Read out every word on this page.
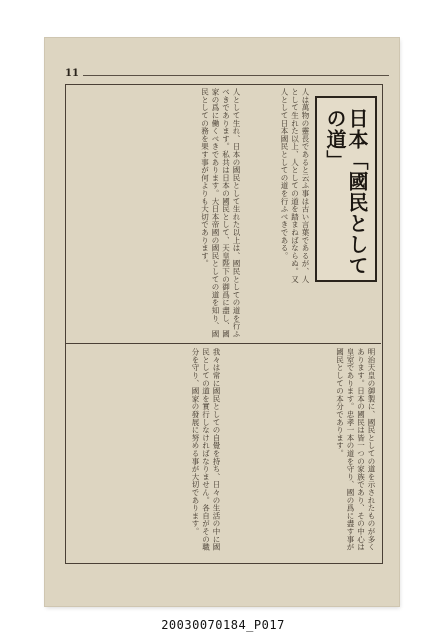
11
日本「國民としての道」
人は萬物の靈長であると云ふ事は古い言葉であるが、人として生れた以上、人としての道を踏まねばならぬ。又人として日本國民としての道を行ふべきである。
人として生れ、日本の國民として生れた以上は、國民としての道を行ふべきであります。私共は日本の國民として、天皇陛下の御爲に盡し、國家の爲に働くべきであります。大日本帝國の國民としての道を知り、國民としての務を果す事が何よりも大切であります。
明治天皇の御製に、國民としての道を示されたものが多くあります。日本の國民は皆一つの家族であり、その中心は皇室であります。忠孝一本の道を守り、國の爲に盡す事が國民としての本分であります。
我々は常に國民としての自覺を持ち、日々の生活の中に國民としての道を實行しなければなりません。各自がその職分を守り、國家の發展に努める事が大切であります。
20030070184_P017
